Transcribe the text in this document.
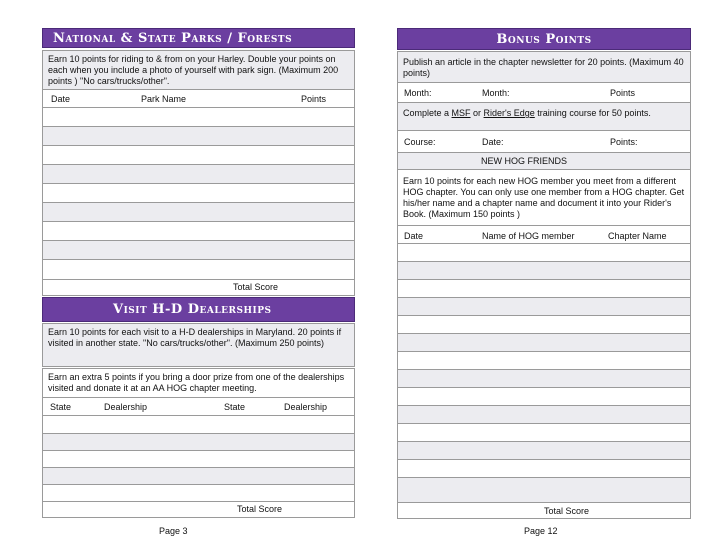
National & State Parks / Forests
Earn 10 points for riding to & from on your Harley. Double your points on each when you include a photo of yourself with park sign. (Maximum 200 points ) "No cars/trucks/other".
Date	Park Name	Points
Total Score
Visit H-D Dealerships
Earn 10 points for each visit to a H-D dealerships in Maryland. 20 points if visited in another state. "No cars/trucks/other". (Maximum 250 points)
Earn an extra 5 points if you bring a door prize from one of the dealerships visited and donate it at an AA HOG chapter meeting.
State	Dealership	State	Dealership
Total Score
Page 3
Bonus Points
Publish an article in the chapter newsletter for 20 points. (Maximum 40 points)
Month:	Month:	Points
Complete a MSF or Rider's Edge training course for 50 points.
Course:	Date:	Points:
NEW HOG FRIENDS
Earn 10 points for each new HOG member you meet from a different HOG chapter. You can only use one member from a HOG chapter. Get his/her name and a chapter name and document it into your Rider's Book. (Maximum 150 points )
Date	Name of HOG member	Chapter Name
Total Score
Page 12
